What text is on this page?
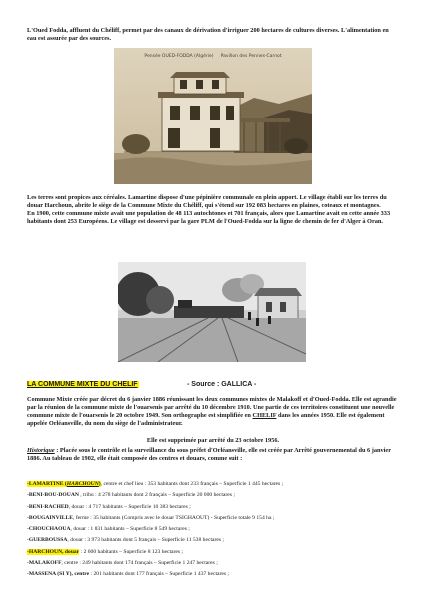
L'Oued Fodda, affluent du Chéliff, permet par des canaux de dérivation d'irriguer 200 hectares de cultures diverses. L'alimentation en eau est assurée par des sources.

Pensée OUED-FODDA (Algérie) Pavillon des Pennes-Carnot

Les terres sont propices aux céréales. Lamartine dispose d'une pépinière communale en plein apport. Le village établi sur les terres du douar Harchoun, abrite le siège de la Commune Mixte du Chéliff, qui s'étend sur 192 083 hectares en plaines, coteaux et montagnes.
En 1900, cette commune mixte avait une population de 48 113 autochtones et 701 français, alors que Lamartine avait en cette année 333 habitants dont 253 Européens. Le village est desservi par la gare PLM de l'Oued-Fodda sur la ligne de chemin de fer d'Alger à Oran.

LA COMMUNE MIXTE DU CHELIF	- Source : GALLICA -

Commune Mixte créée par décret du 6 janvier 1886 réunissant les deux communes mixtes de Malakoff et d'Oued-Fodda. Elle est agrandie par la réunion de la commune mixte de l'ouarsenis par arrêté du 10 décembre 1910. Une partie de ces territoires constituent une nouvelle commune mixte de l'ouarsenis le 20 octobre 1949. Son orthographe est simplifiée en CHELIF dans les années 1950. Elle est également appelée Orléansville, du nom du siège de l'administrateur.

Elle est supprimée par arrêté du 23 octobre 1956.

Historique : Placée sous le contrôle et la surveillance du sous préfet d'Orléansville, elle est créée par Arrêté gouvernemental du 6 janvier 1886. Au tableau de 1902, elle était composée des centres et douars, comme suit :

-LAMARTINE (HARCHOUN), centre et chef lieu : 353 habitants dont 233 français – Superficie 1 445 hectares ;
-BENI-BOU-DOUAN , tribu : 4 278 habitants dont 2 français – Superficie 20 000 hectares ;
-BENI-RACHED, douar : 4 717 habitants – Superficie 10 383 hectares ;
-BOUGAINVILLE, ferme : 35 habitants (Compris avec le douar TSIGHAOUT) - Superficie totale 9 154 ha ;
-CHOUCHAOUA, douar : 1 831 habitants – Superficie 8 549 hectares ;
-GUERBOUSSA, douar : 3 973 habitants dont 5 français – Superficie 11 538 hectares ;
-HARCHOUN, douar : 2 600 habitants – Superficie 8 123 hectares ;
-MALAKOFF, centre : 249 habitants dont 174 français – Superficie 1 247 hectares ;
-MASSENA (SI Y), centre : 201 habitants dont 177 français – Superficie 1 437 hectares ;
